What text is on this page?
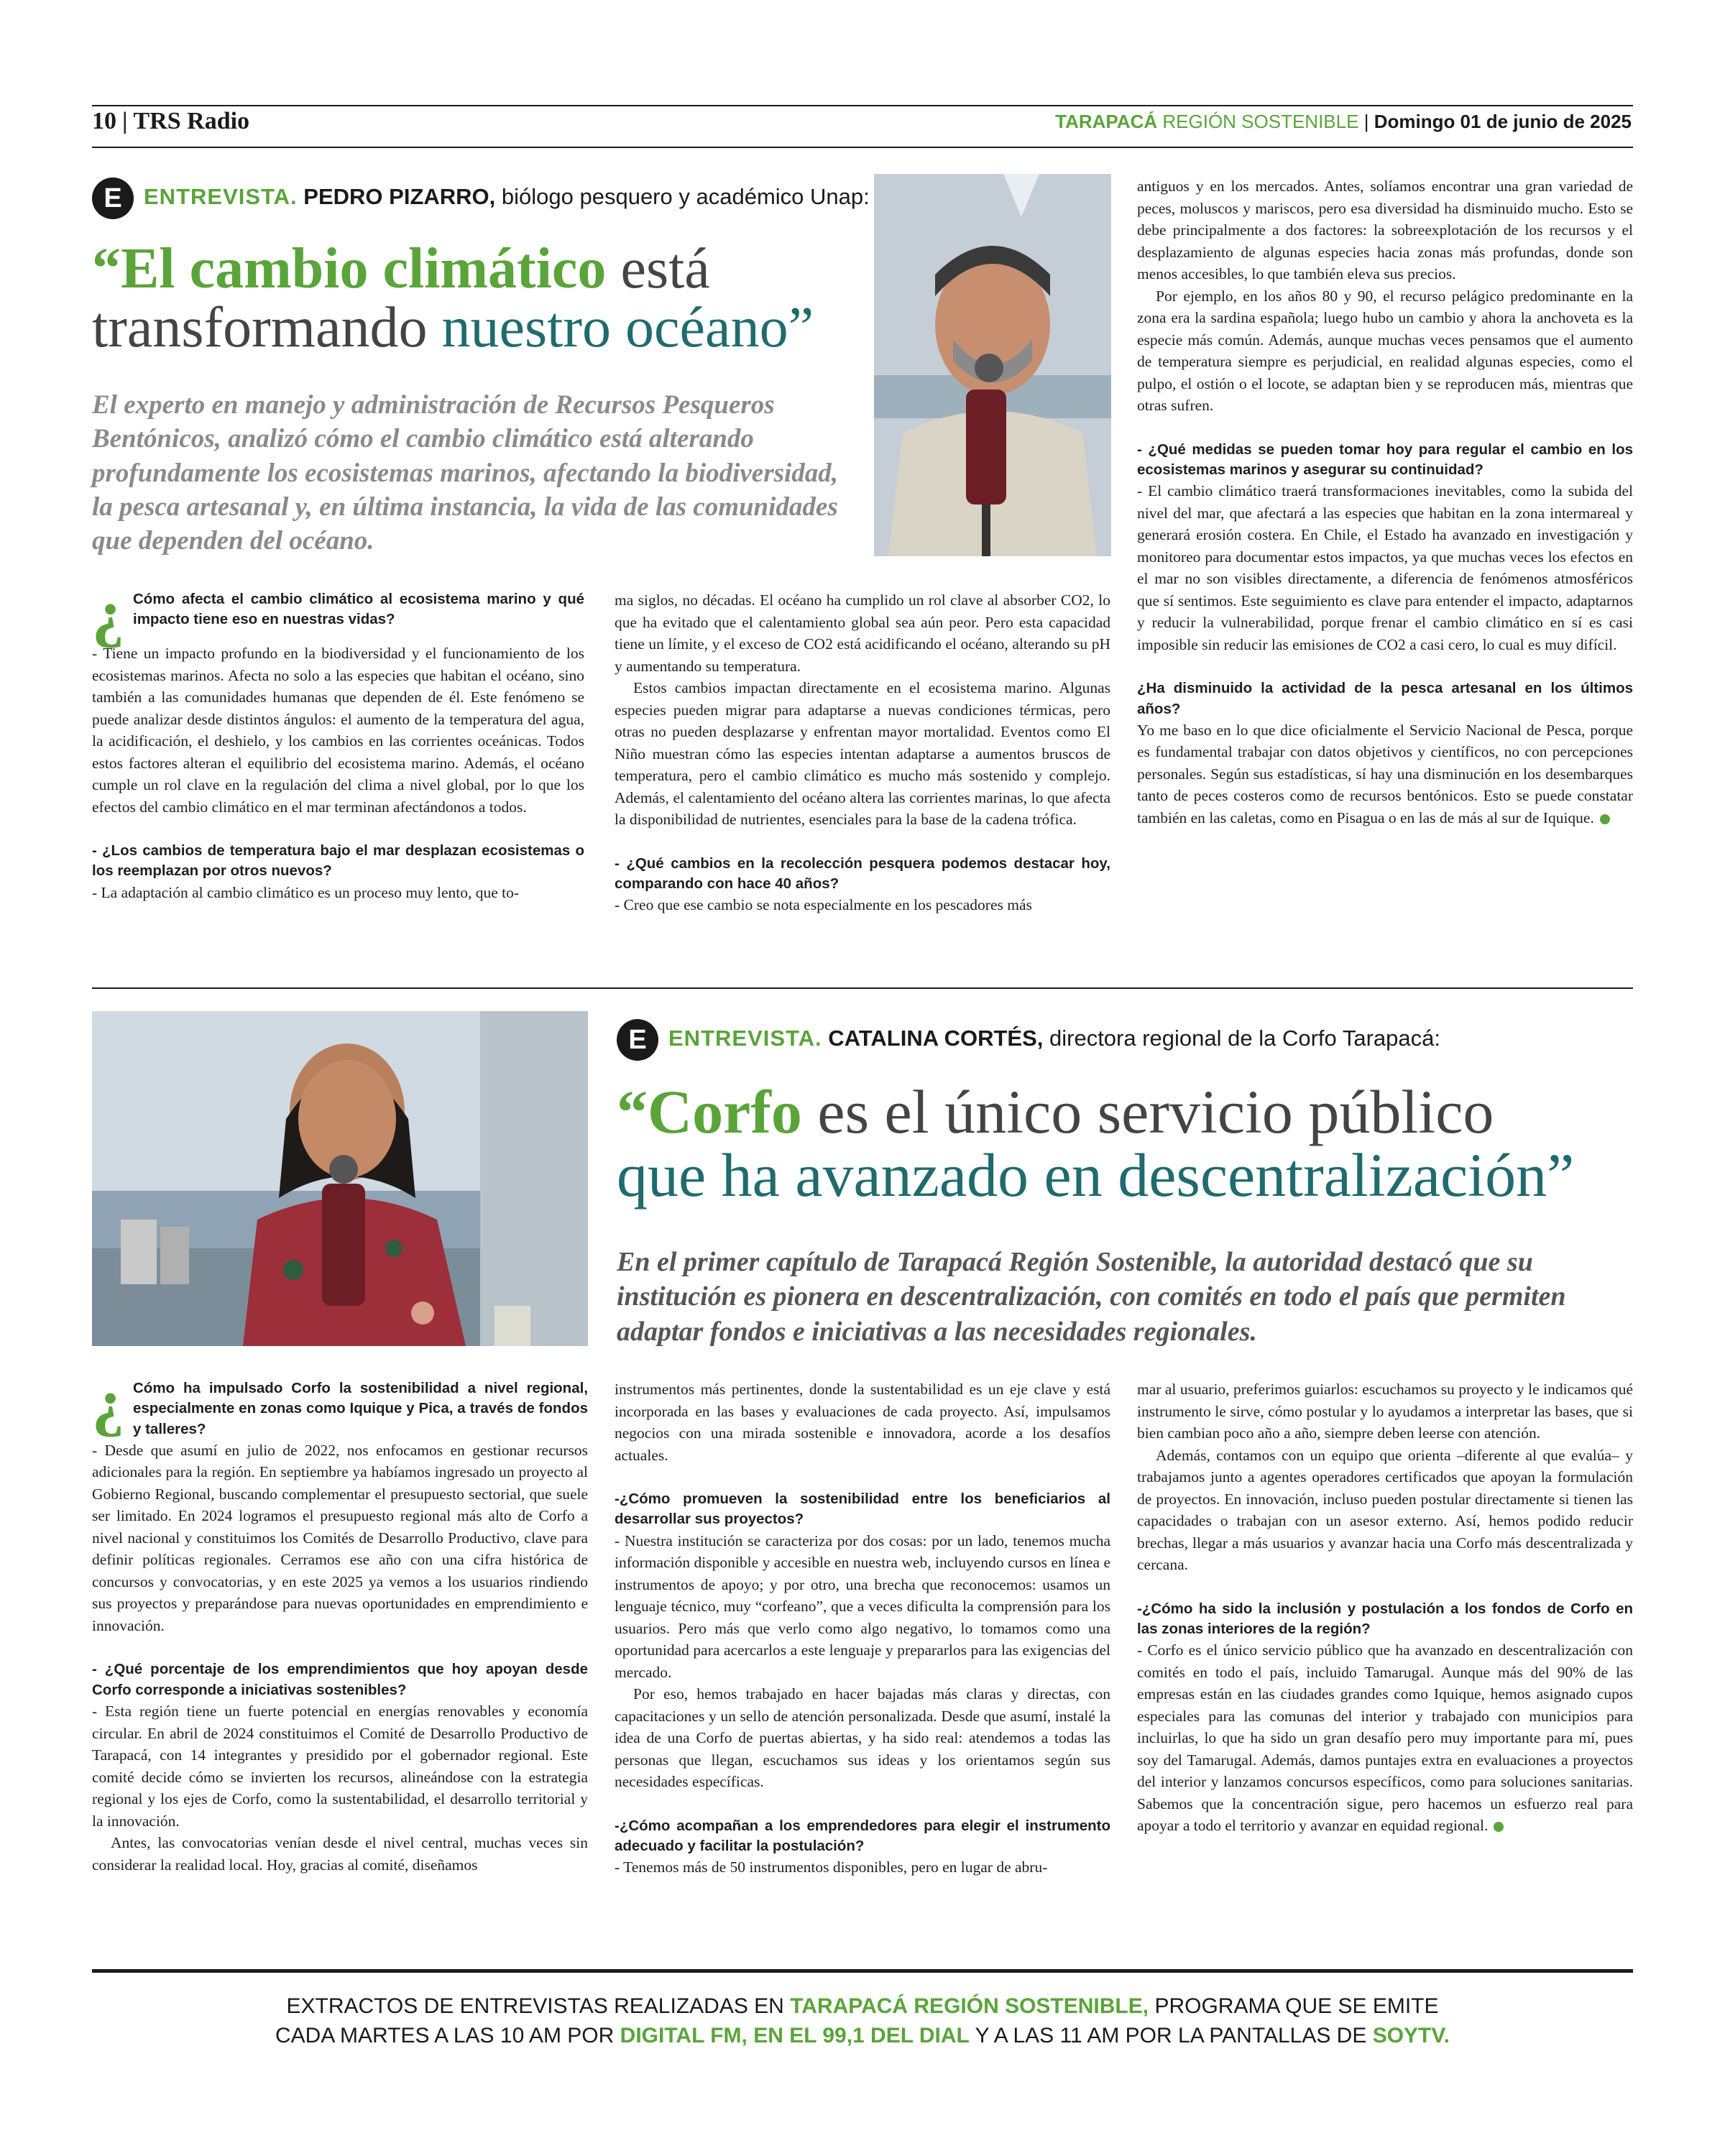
10 | TRS Radio	TARAPACÁ REGIÓN SOSTENIBLE | Domingo 01 de junio de 2025
E ENTREVISTA. PEDRO PIZARRO, biólogo pesquero y académico Unap:
“El cambio climático está
transformando nuestro océano”
El experto en manejo y administración de Recursos Pesqueros Bentónicos, analizó cómo el cambio climático está alterando profundamente los ecosistemas marinos, afectando la biodiversidad, la pesca artesanal y, en última instancia, la vida de las comunidades que dependen del océano.
¿ Cómo afecta el cambio climático al ecosistema marino y qué impacto tiene eso en nuestras vidas?

- Tiene un impacto profundo en la biodiversidad y el funcionamiento de los ecosistemas marinos. Afecta no solo a las especies que habitan el océano, sino también a las comunidades humanas que dependen de él. Este fenómeno se puede analizar desde distintos ángulos: el aumento de la temperatura del agua, la acidificación, el deshielo, y los cambios en las corrientes oceánicas. Todos estos factores alteran el equilibrio del ecosistema marino. Además, el océano cumple un rol clave en la regulación del clima a nivel global, por lo que los efectos del cambio climático en el mar terminan afectándonos a todos.

- ¿Los cambios de temperatura bajo el mar desplazan ecosistemas o los reemplazan por otros nuevos?

- La adaptación al cambio climático es un proceso muy lento, que to-

ma siglos, no décadas. El océano ha cumplido un rol clave al absorber CO2, lo que ha evitado que el calentamiento global sea aún peor. Pero esta capacidad tiene un límite, y el exceso de CO2 está acidificando el océano, alterando su pH y aumentando su temperatura.

Estos cambios impactan directamente en el ecosistema marino. Algunas especies pueden migrar para adaptarse a nuevas condiciones térmicas, pero otras no pueden desplazarse y enfrentan mayor mortalidad. Eventos como El Niño muestran cómo las especies intentan adaptarse a aumentos bruscos de temperatura, pero el cambio climático es mucho más sostenido y complejo. Además, el calentamiento del océano altera las corrientes marinas, lo que afecta la disponibilidad de nutrientes, esenciales para la base de la cadena trófica.

- ¿Qué cambios en la recolección pesquera podemos destacar hoy, comparando con hace 40 años?

- Creo que ese cambio se nota especialmente en los pescadores más

antiguos y en los mercados. Antes, solíamos encontrar una gran variedad de peces, moluscos y mariscos, pero esa diversidad ha disminuido mucho. Esto se debe principalmente a dos factores: la sobreexplotación de los recursos y el desplazamiento de algunas especies hacia zonas más profundas, donde son menos accesibles, lo que también eleva sus precios.

Por ejemplo, en los años 80 y 90, el recurso pelágico predominante en la zona era la sardina española; luego hubo un cambio y ahora la anchoveta es la especie más común. Además, aunque muchas veces pensamos que el aumento de temperatura siempre es perjudicial, en realidad algunas especies, como el pulpo, el ostión o el locote, se adaptan bien y se reproducen más, mientras que otras sufren.

- ¿Qué medidas se pueden tomar hoy para regular el cambio en los ecosistemas marinos y asegurar su continuidad?

- El cambio climático traerá transformaciones inevitables, como la subida del nivel del mar, que afectará a las especies que habitan en la zona intermareal y generará erosión costera. En Chile, el Estado ha avanzado en investigación y monitoreo para documentar estos impactos, ya que muchas veces los efectos en el mar no son visibles directamente, a diferencia de fenómenos atmosféricos que sí sentimos. Este seguimiento es clave para entender el impacto, adaptarnos y reducir la vulnerabilidad, porque frenar el cambio climático en sí es casi imposible sin reducir las emisiones de CO2 a casi cero, lo cual es muy difícil.

¿Ha disminuido la actividad de la pesca artesanal en los últimos años?

Yo me baso en lo que dice oficialmente el Servicio Nacional de Pesca, porque es fundamental trabajar con datos objetivos y científicos, no con percepciones personales. Según sus estadísticas, sí hay una disminución en los desembarques tanto de peces costeros como de recursos bentónicos. Esto se puede constatar también en las caletas, como en Pisagua o en las de más al sur de Iquique.

E ENTREVISTA. CATALINA CORTÉS, directora regional de la Corfo Tarapacá:
“Corfo es el único servicio público
que ha avanzado en descentralización”
En el primer capítulo de Tarapacá Región Sostenible, la autoridad destacó que su institución es pionera en descentralización, con comités en todo el país que permiten adaptar fondos e iniciativas a las necesidades regionales.
¿ Cómo ha impulsado Corfo la sostenibilidad a nivel regional, especialmente en zonas como Iquique y Pica, a través de fondos y talleres?

- Desde que asumí en julio de 2022, nos enfocamos en gestionar recursos adicionales para la región. En septiembre ya habíamos ingresado un proyecto al Gobierno Regional, buscando complementar el presupuesto sectorial, que suele ser limitado. En 2024 logramos el presupuesto regional más alto de Corfo a nivel nacional y constituimos los Comités de Desarrollo Productivo, clave para definir políticas regionales. Cerramos ese año con una cifra histórica de concursos y convocatorias, y en este 2025 ya vemos a los usuarios rindiendo sus proyectos y preparándose para nuevas oportunidades en emprendimiento e innovación.

- ¿Qué porcentaje de los emprendimientos que hoy apoyan desde Corfo corresponde a iniciativas sostenibles?

- Esta región tiene un fuerte potencial en energías renovables y economía circular. En abril de 2024 constituimos el Comité de Desarrollo Productivo de Tarapacá, con 14 integrantes y presidido por el gobernador regional. Este comité decide cómo se invierten los recursos, alineándose con la estrategia regional y los ejes de Corfo, como la sustentabilidad, el desarrollo territorial y la innovación.

Antes, las convocatorias venían desde el nivel central, muchas veces sin considerar la realidad local. Hoy, gracias al comité, diseñamos

instrumentos más pertinentes, donde la sustentabilidad es un eje clave y está incorporada en las bases y evaluaciones de cada proyecto. Así, impulsamos negocios con una mirada sostenible e innovadora, acorde a los desafíos actuales.

-¿Cómo promueven la sostenibilidad entre los beneficiarios al desarrollar sus proyectos?

- Nuestra institución se caracteriza por dos cosas: por un lado, tenemos mucha información disponible y accesible en nuestra web, incluyendo cursos en línea e instrumentos de apoyo; y por otro, una brecha que reconocemos: usamos un lenguaje técnico, muy “corfeano”, que a veces dificulta la comprensión para los usuarios. Pero más que verlo como algo negativo, lo tomamos como una oportunidad para acercarlos a este lenguaje y prepararlos para las exigencias del mercado.

Por eso, hemos trabajado en hacer bajadas más claras y directas, con capacitaciones y un sello de atención personalizada. Desde que asumí, instalé la idea de una Corfo de puertas abiertas, y ha sido real: atendemos a todas las personas que llegan, escuchamos sus ideas y los orientamos según sus necesidades específicas.

-¿Cómo acompañan a los emprendedores para elegir el instrumento adecuado y facilitar la postulación?

- Tenemos más de 50 instrumentos disponibles, pero en lugar de abru-

mar al usuario, preferimos guiarlos: escuchamos su proyecto y le indicamos qué instrumento le sirve, cómo postular y lo ayudamos a interpretar las bases, que si bien cambian poco año a año, siempre deben leerse con atención.

Además, contamos con un equipo que orienta –diferente al que evalúa– y trabajamos junto a agentes operadores certificados que apoyan la formulación de proyectos. En innovación, incluso pueden postular directamente si tienen las capacidades o trabajan con un asesor externo. Así, hemos podido reducir brechas, llegar a más usuarios y avanzar hacia una Corfo más descentralizada y cercana.

-¿Cómo ha sido la inclusión y postulación a los fondos de Corfo en las zonas interiores de la región?

- Corfo es el único servicio público que ha avanzado en descentralización con comités en todo el país, incluido Tamarugal. Aunque más del 90% de las empresas están en las ciudades grandes como Iquique, hemos asignado cupos especiales para las comunas del interior y trabajado con municipios para incluirlas, lo que ha sido un gran desafío pero muy importante para mí, pues soy del Tamarugal. Además, damos puntajes extra en evaluaciones a proyectos del interior y lanzamos concursos específicos, como para soluciones sanitarias. Sabemos que la concentración sigue, pero hacemos un esfuerzo real para apoyar a todo el territorio y avanzar en equidad regional.

EXTRACTOS DE ENTREVISTAS REALIZADAS EN TARAPACÁ REGIÓN SOSTENIBLE, PROGRAMA QUE SE EMITE
CADA MARTES A LAS 10 AM POR DIGITAL FM, EN EL 99,1 DEL DIAL Y A LAS 11 AM POR LA PANTALLAS DE SOYTV.
